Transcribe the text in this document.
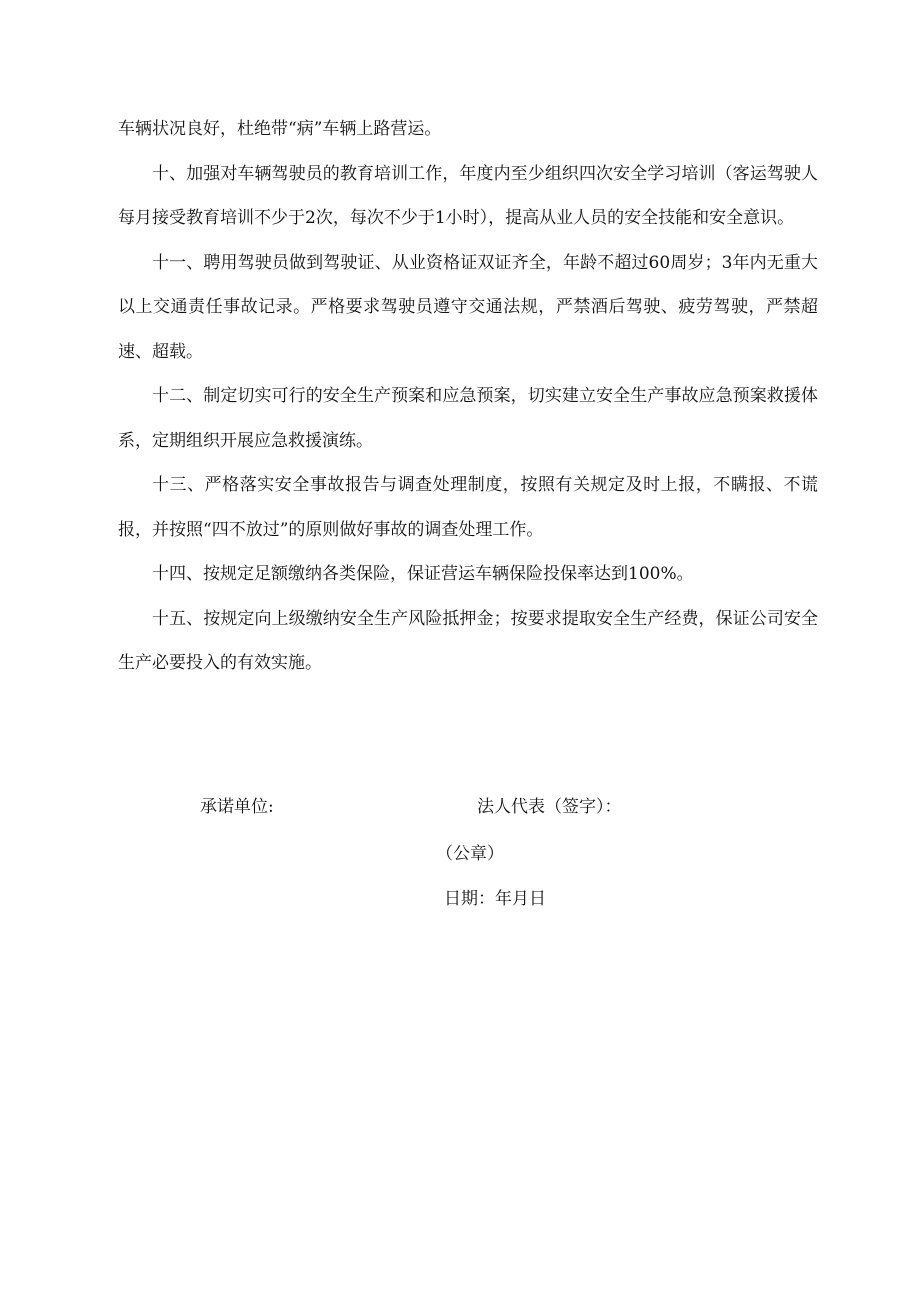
车辆状况良好，杜绝带“病”车辆上路营运。

十、加强对车辆驾驶员的教育培训工作，年度内至少组织四次安全学习培训（客运驾驶人每月接受教育培训不少于2次，每次不少于1小时），提高从业人员的安全技能和安全意识。

十一、聘用驾驶员做到驾驶证、从业资格证双证齐全，年龄不超过60周岁；3年内无重大以上交通责任事故记录。严格要求驾驶员遵守交通法规，严禁酒后驾驶、疲劳驾驶，严禁超速、超载。

十二、制定切实可行的安全生产预案和应急预案，切实建立安全生产事故应急预案救援体系，定期组织开展应急救援演练。

十三、严格落实安全事故报告与调查处理制度，按照有关规定及时上报，不瞒报、不谎报，并按照“四不放过”的原则做好事故的调查处理工作。

十四、按规定足额缴纳各类保险，保证营运车辆保险投保率达到100%。

十五、按规定向上级缴纳安全生产风险抵押金；按要求提取安全生产经费，保证公司安全生产必要投入的有效实施。

承诺单位:	法人代表（签字）：
（公章）
日期：年月日
